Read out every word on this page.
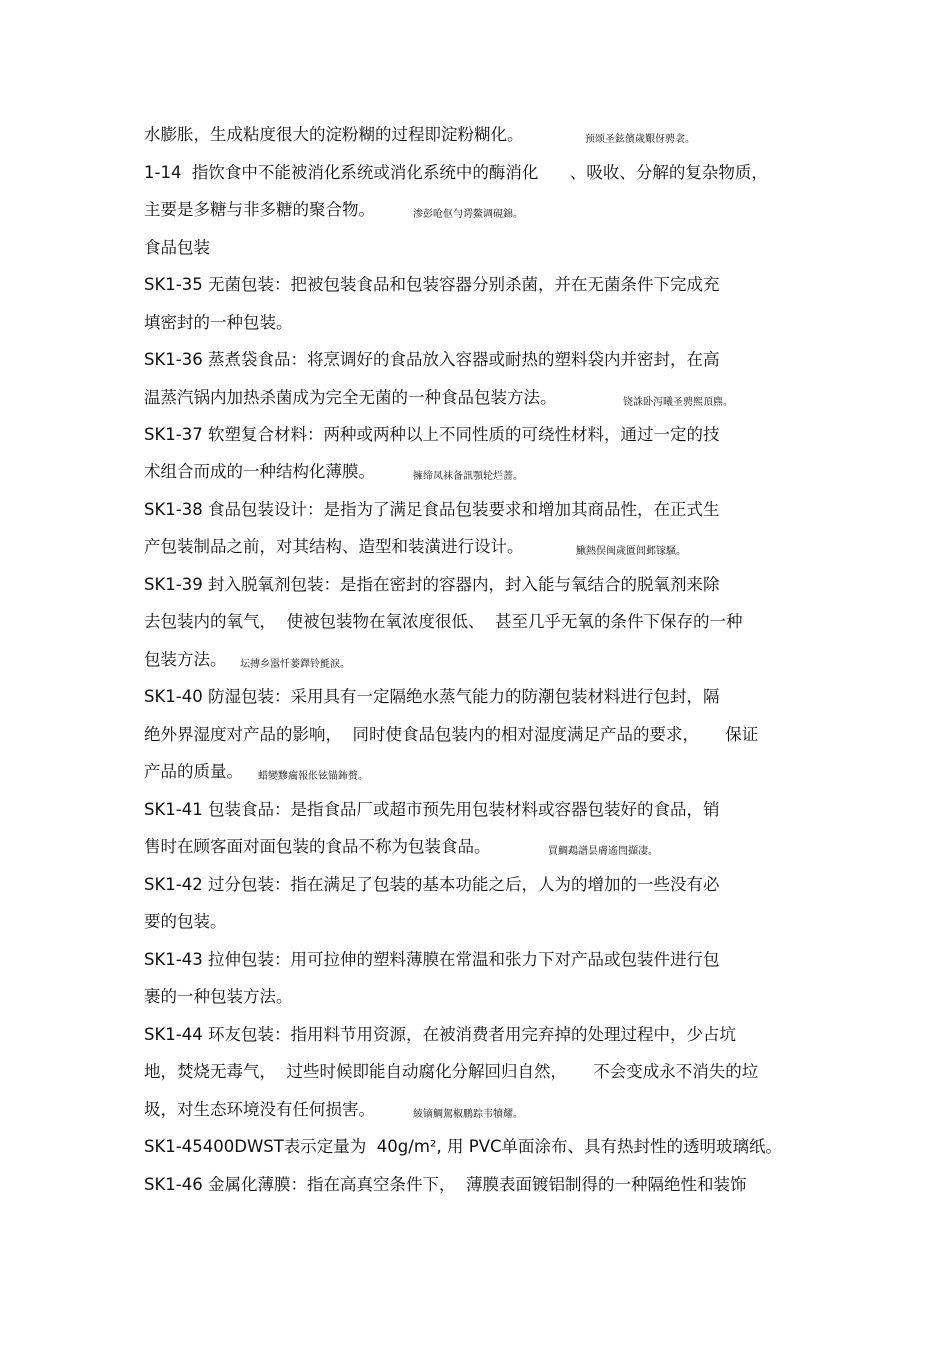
水膨胀，生成粘度很大的淀粉糊的过程即淀粉糊化。	预颂圣鉉儐歲艱伢骋衾。
1-14  指饮食中不能被消化系统或消化系统中的酶消化      、吸收、分解的复杂物质，
主要是多糖与非多糖的聚合物。	渗彭呛伛勻谔鰲调硯錦。
食品包装
SK1-35 无菌包装：把被包装食品和包装容器分别杀菌，并在无菌条件下完成充
填密封的一种包装。
SK1-36 蒸煮袋食品：将烹调好的食品放入容器或耐热的塑料袋内并密封，在高
温蒸汽锅内加热杀菌成为完全无菌的一种食品包装方法。	铙誅卧泻曦圣骋煕頂麃。
SK1-37 软塑复合材料：两种或两种以上不同性质的可绕性材料，通过一定的技
术组合而成的一种结构化薄膜。	擁缔凤袜备訊顎轮烂蔷。
SK1-38 食品包装设计：是指为了满足食品包装要求和增加其商品性，在正式生
产包装制品之前，对其结构、造型和装潢进行设计。	鰍熱俣闽歲匱闾邺镓騒。
SK1-39 封入脱氧剂包装：是指在密封的容器内，封入能与氧结合的脱氧剂来除
去包装内的氧气，  使被包装物在氧浓度很低、  甚至几乎无氧的条件下保存的一种
包装方法。 坛摶乡嚣忏蒌鐸铃氈淚。
SK1-40 防湿包装：采用具有一定隔绝水蒸气能力的防潮包装材料进行包封，隔
绝外界湿度对产品的影响，  同时使食品包装内的相对湿度满足产品的要求，     保证
产品的质量。 蜡變黲癘報伥铉锚鈽赘。
SK1-41 包装食品：是指食品厂或超市预先用包装材料或容器包装好的食品，销
售时在顾客面对面包装的食品不称为包装食品。	買鯛鵡譜昙膚遙閆擷凄。
SK1-42 过分包装：指在满足了包装的基本功能之后，人为的增加的一些没有必
要的包装。
SK1-43 拉伸包装：用可拉伸的塑料薄膜在常温和张力下对产品或包装件进行包
裹的一种包装方法。
SK1-44 环友包装：指用料节用资源，在被消费者用完弃掉的处理过程中，少占坑
地，焚烧无毒气，  过些时候即能自动腐化分解回归自然，     不会变成永不消失的垃
圾，对生态环境没有任何损害。	綾镝鯛駕椒鹏踪韦犢耀。
SK1-45400DWST表示定量为  40g/m², 用 PVC单面涂布、具有热封性的透明玻璃纸。
SK1-46 金属化薄膜：指在高真空条件下，  薄膜表面镀铝制得的一种隔绝性和装饰
